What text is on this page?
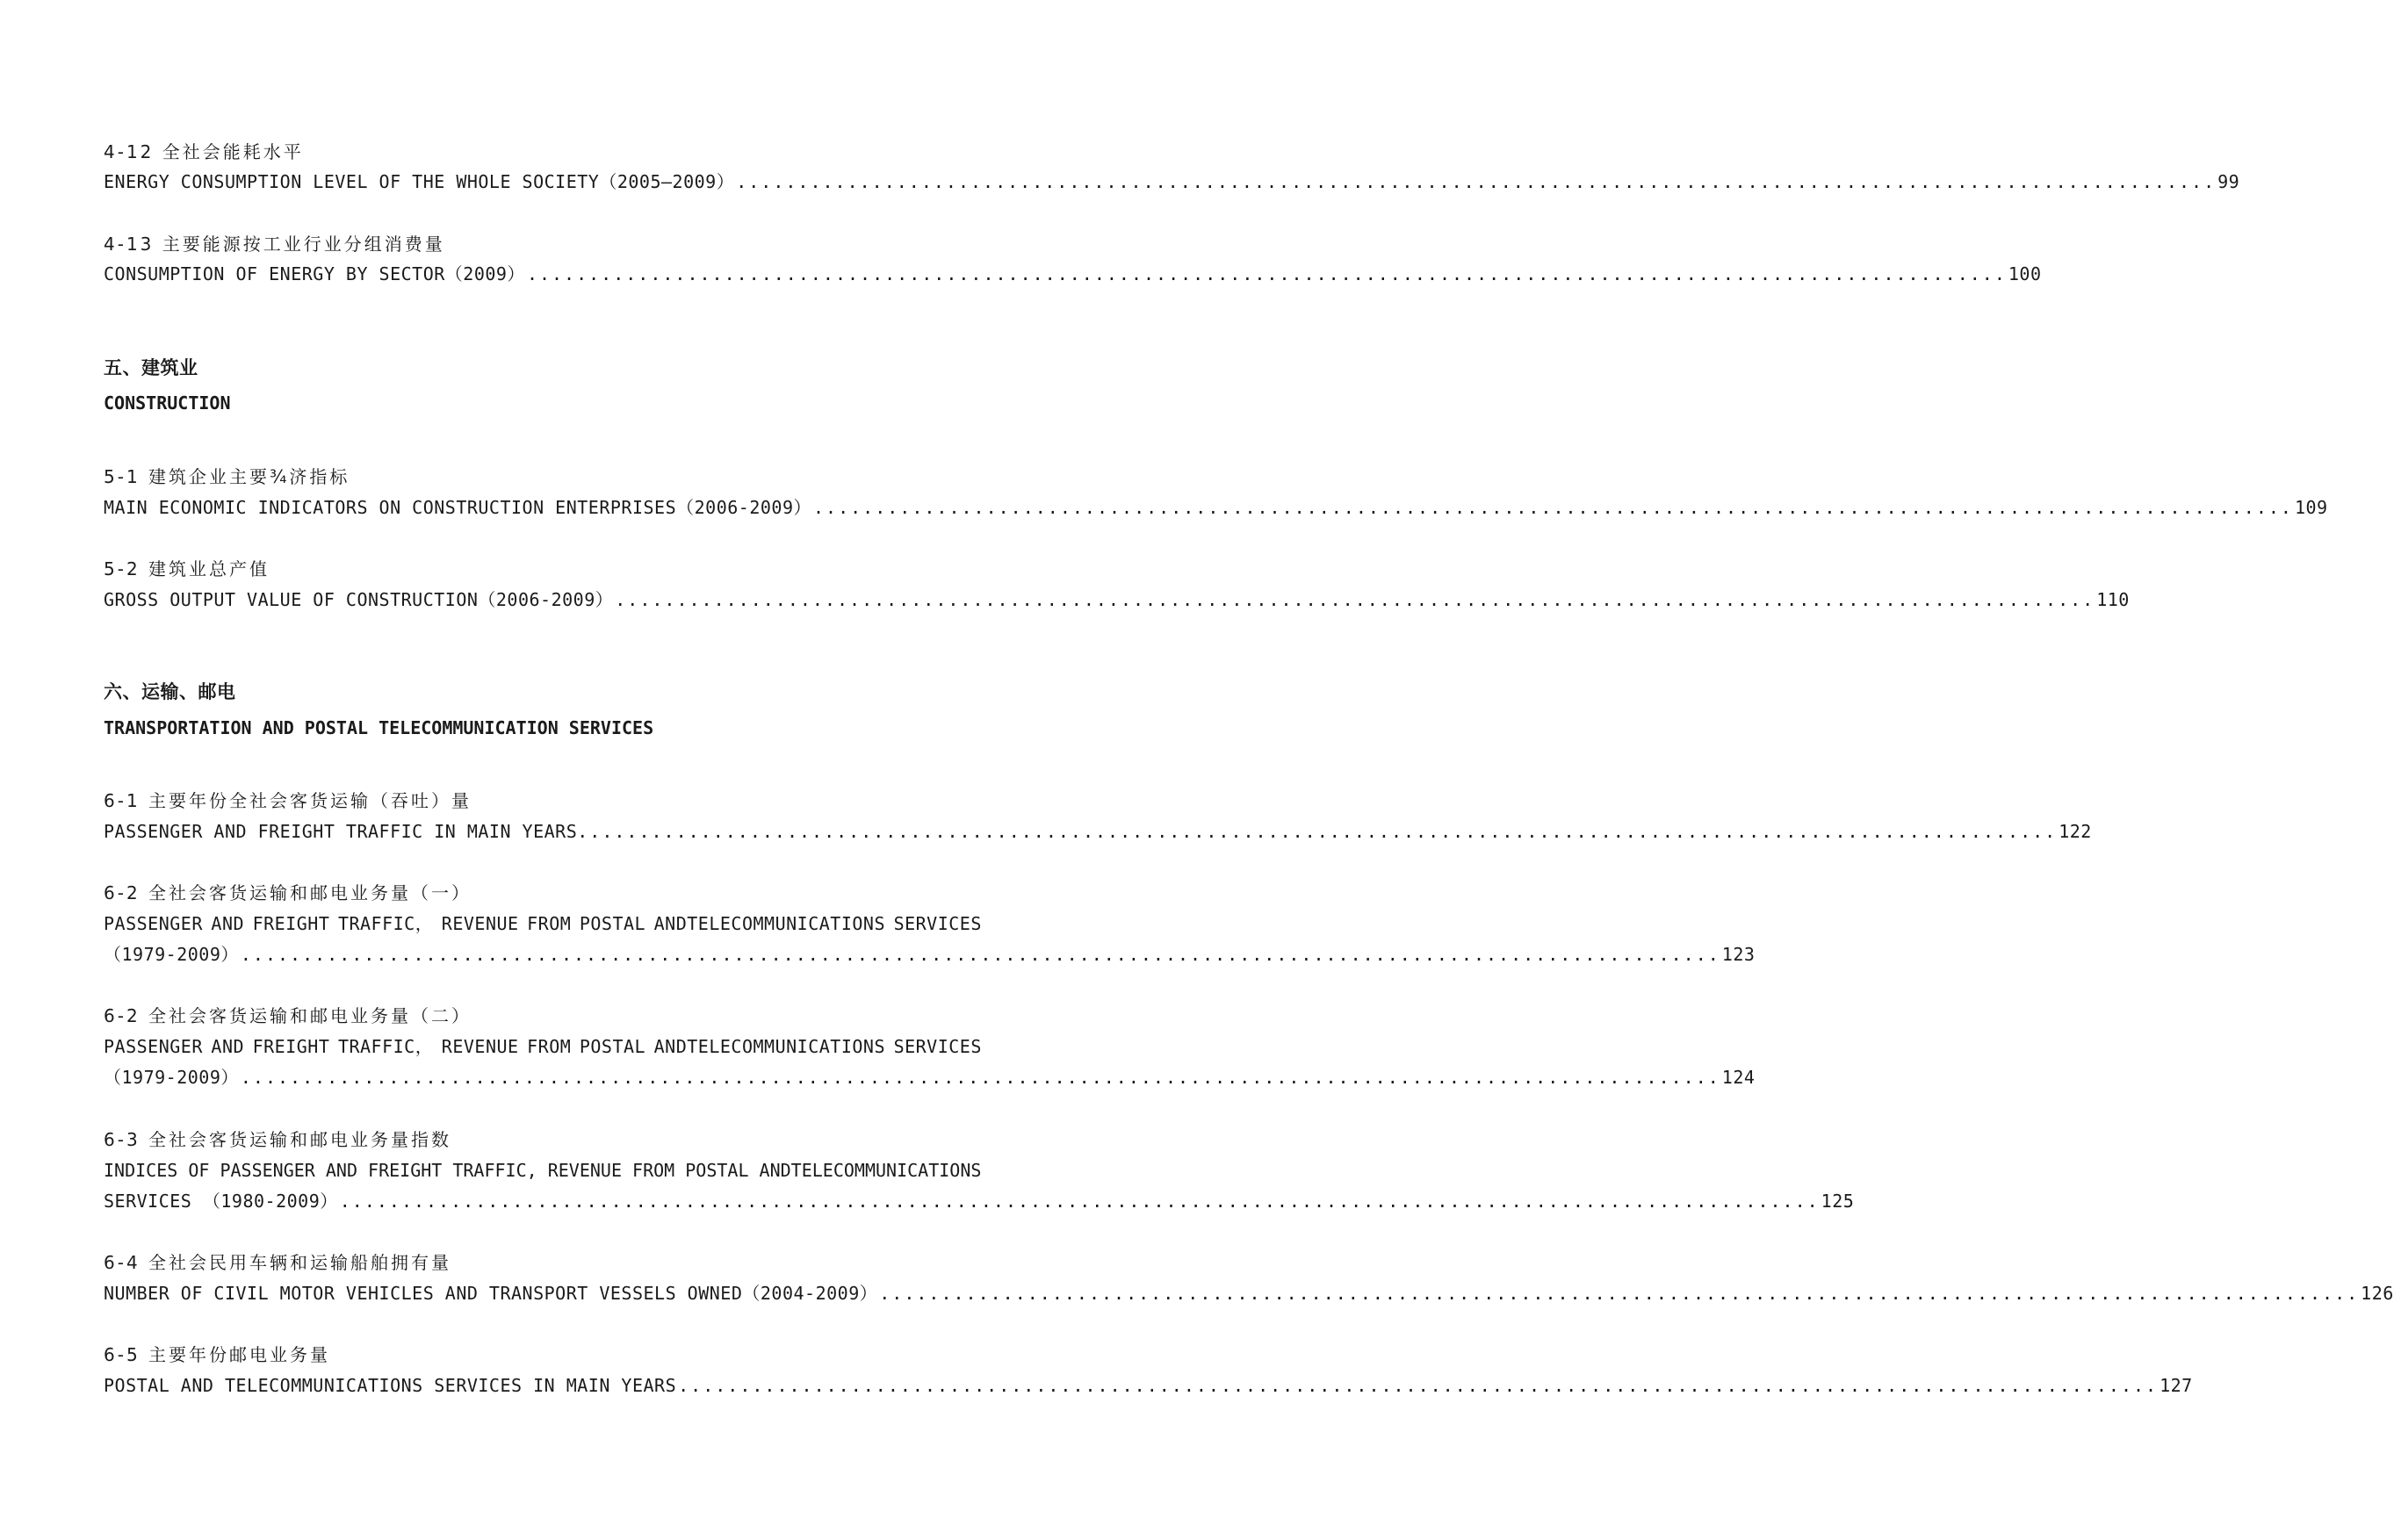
4-12 全社会能耗水平
ENERGY CONSUMPTION LEVEL OF THE WHOLE SOCIETY（2005—2009） ........................................................................................................................ 99
4-13 主要能源按工业行业分组消费量
CONSUMPTION OF ENERGY BY SECTOR（2009） ........................................................................................................................ 100
五、建筑业
CONSTRUCTION
5-1 建筑企业主要¾济指标
MAIN ECONOMIC INDICATORS ON CONSTRUCTION ENTERPRISES（2006-2009） ........................................................................................................................ 109
5-2 建筑业总产值
GROSS OUTPUT VALUE OF CONSTRUCTION（2006-2009） ........................................................................................................................ 110
六、运输、邮电
TRANSPORTATION AND POSTAL TELECOMMUNICATION SERVICES
6-1 主要年份全社会客货运输（吞吐）量
PASSENGER AND FREIGHT TRAFFIC IN MAIN YEARS ........................................................................................................................ 122
6-2 全社会客货运输和邮电业务量（一）
PASSENGER AND FREIGHT TRAFFIC， REVENUE FROM POSTAL ANDTELECOMMUNICATIONS SERVICES
（1979-2009） ........................................................................................................................ 123
6-2 全社会客货运输和邮电业务量（二）
PASSENGER AND FREIGHT TRAFFIC， REVENUE FROM POSTAL ANDTELECOMMUNICATIONS SERVICES
（1979-2009） ........................................................................................................................ 124
6-3 全社会客货运输和邮电业务量指数
INDICES OF PASSENGER AND FREIGHT TRAFFIC, REVENUE FROM POSTAL ANDTELECOMMUNICATIONS
SERVICES （1980-2009） ........................................................................................................................ 125
6-4 全社会民用车辆和运输船舶拥有量
NUMBER OF CIVIL MOTOR VEHICLES AND TRANSPORT VESSELS OWNED（2004-2009） ........................................................................................................................ 126
6-5 主要年份邮电业务量
POSTAL AND TELECOMMUNICATIONS SERVICES IN MAIN YEARS ........................................................................................................................ 127
